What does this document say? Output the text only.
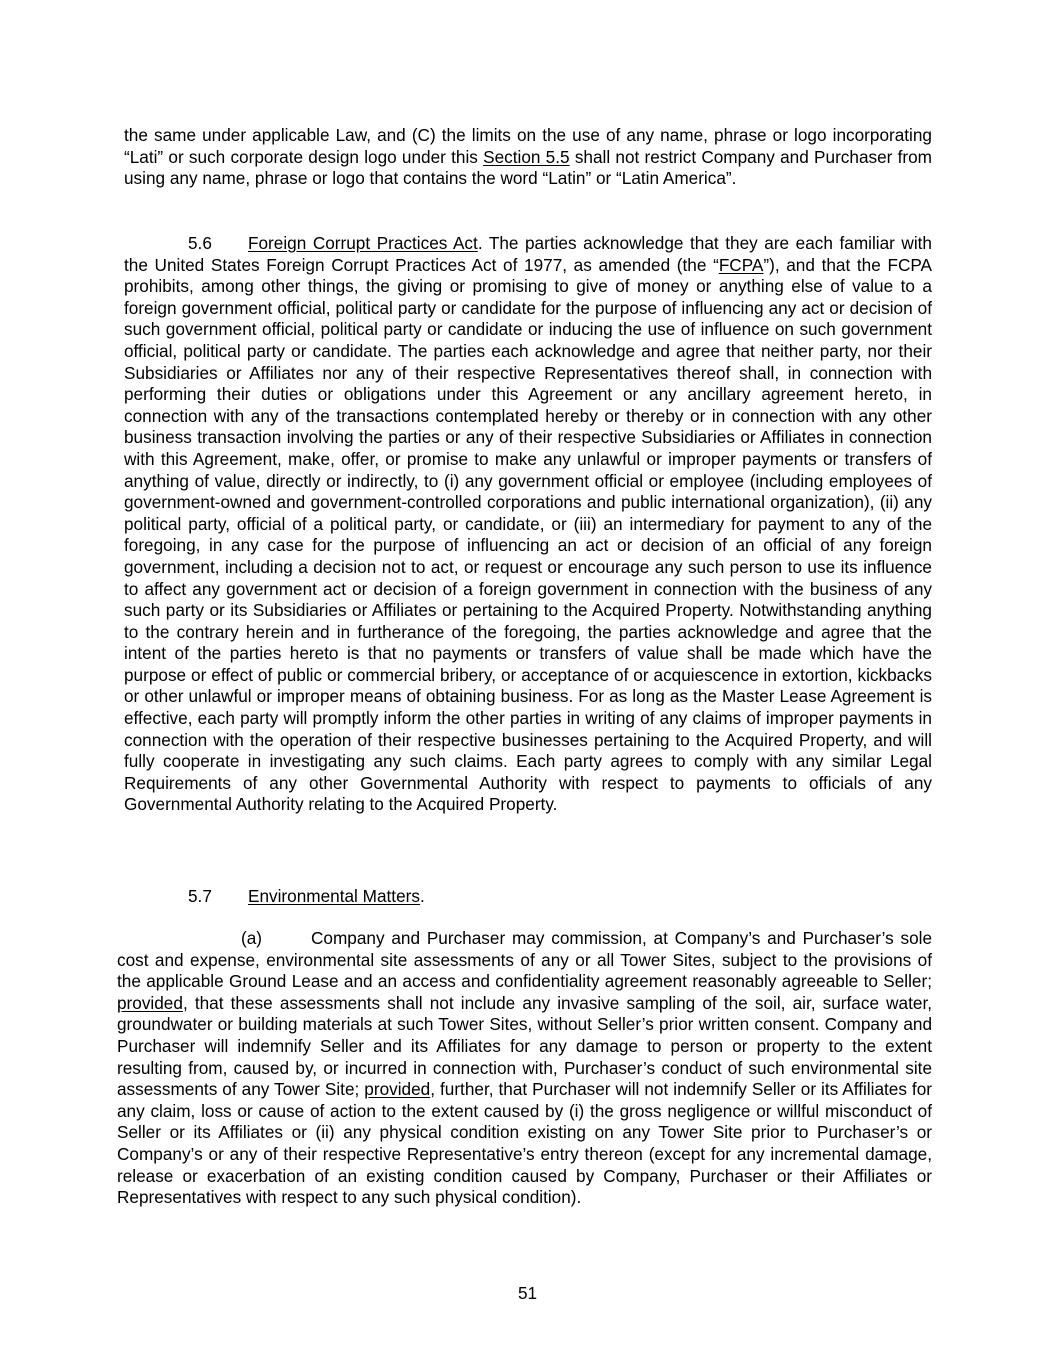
the same under applicable Law, and (C) the limits on the use of any name, phrase or logo incorporating “Lati” or such corporate design logo under this Section 5.5 shall not restrict Company and Purchaser from using any name, phrase or logo that contains the word “Latin” or “Latin America”.

5.6 Foreign Corrupt Practices Act. The parties acknowledge that they are each familiar with the United States Foreign Corrupt Practices Act of 1977, as amended (the “FCPA”), and that the FCPA prohibits, among other things, the giving or promising to give of money or anything else of value to a foreign government official, political party or candidate for the purpose of influencing any act or decision of such government official, political party or candidate or inducing the use of influence on such government official, political party or candidate. The parties each acknowledge and agree that neither party, nor their Subsidiaries or Affiliates nor any of their respective Representatives thereof shall, in connection with performing their duties or obligations under this Agreement or any ancillary agreement hereto, in connection with any of the transactions contemplated hereby or thereby or in connection with any other business transaction involving the parties or any of their respective Subsidiaries or Affiliates in connection with this Agreement, make, offer, or promise to make any unlawful or improper payments or transfers of anything of value, directly or indirectly, to (i) any government official or employee (including employees of government-owned and government-controlled corporations and public international organization), (ii) any political party, official of a political party, or candidate, or (iii) an intermediary for payment to any of the foregoing, in any case for the purpose of influencing an act or decision of an official of any foreign government, including a decision not to act, or request or encourage any such person to use its influence to affect any government act or decision of a foreign government in connection with the business of any such party or its Subsidiaries or Affiliates or pertaining to the Acquired Property. Notwithstanding anything to the contrary herein and in furtherance of the foregoing, the parties acknowledge and agree that the intent of the parties hereto is that no payments or transfers of value shall be made which have the purpose or effect of public or commercial bribery, or acceptance of or acquiescence in extortion, kickbacks or other unlawful or improper means of obtaining business. For as long as the Master Lease Agreement is effective, each party will promptly inform the other parties in writing of any claims of improper payments in connection with the operation of their respective businesses pertaining to the Acquired Property, and will fully cooperate in investigating any such claims. Each party agrees to comply with any similar Legal Requirements of any other Governmental Authority with respect to payments to officials of any Governmental Authority relating to the Acquired Property.

5.7 Environmental Matters.

(a)	Company and Purchaser may commission, at Company’s and Purchaser’s sole cost and expense, environmental site assessments of any or all Tower Sites, subject to the provisions of the applicable Ground Lease and an access and confidentiality agreement reasonably agreeable to Seller; provided, that these assessments shall not include any invasive sampling of the soil, air, surface water, groundwater or building materials at such Tower Sites, without Seller’s prior written consent. Company and Purchaser will indemnify Seller and its Affiliates for any damage to person or property to the extent resulting from, caused by, or incurred in connection with, Purchaser’s conduct of such environmental site assessments of any Tower Site; provided, further, that Purchaser will not indemnify Seller or its Affiliates for any claim, loss or cause of action to the extent caused by (i) the gross negligence or willful misconduct of Seller or its Affiliates or (ii) any physical condition existing on any Tower Site prior to Purchaser’s or Company’s or any of their respective Representative’s entry thereon (except for any incremental damage, release or exacerbation of an existing condition caused by Company, Purchaser or their Affiliates or Representatives with respect to any such physical condition).

51
